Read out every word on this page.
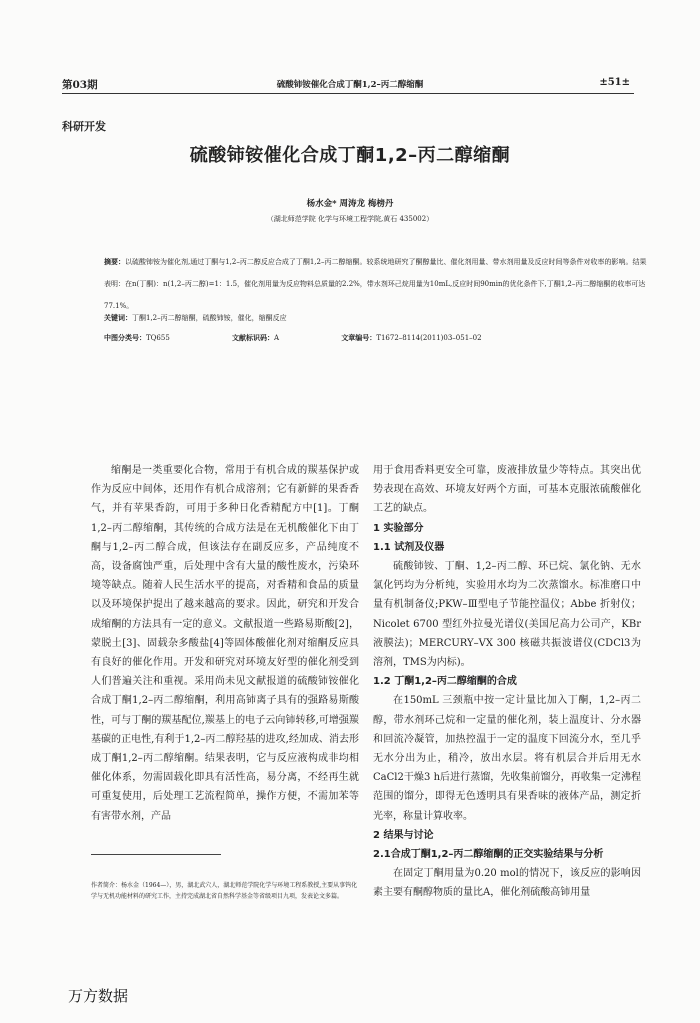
第03期	硫酸铈铵催化合成丁酮1,2–丙二醇缩酮	±51±
科研开发
硫酸铈铵催化合成丁酮1,2–丙二醇缩酮
杨水金* 周涛龙 梅榜丹
（湖北师范学院 化学与环境工程学院,黄石 435002）
摘要：以硫酸铈铵为催化剂,通过丁酮与1,2–丙二醇反应合成了丁酮1,2–丙二醇缩酮。较系统地研究了酮醇量比、催化剂用量、带水剂用量及反应时间等条件对收率的影响。结果表明：在n(丁酮)：n(1,2–丙二醇)=1：1.5，催化剂用量为反应物料总质量的2.2%，带水剂环己烷用量为10mL,反应时间90min的优化条件下,丁酮1,2–丙二醇缩酮的收率可达77.1%。
关键词：丁酮1,2–丙二醇缩酮，硫酸铈铵，催化，缩酮反应
中图分类号：TQ655	文献标识码：A	文章编号：T1672–8114(2011)03–051–02

缩酮是一类重要化合物，常用于有机合成的羰基保护或作为反应中间体，还用作有机合成溶剂；它有新鲜的果香香气，并有苹果香韵，可用于多种日化香精配方中[1]。丁酮1,2–丙二醇缩酮，其传统的合成方法是在无机酸催化下由丁酮与1,2–丙二醇合成，但该法存在副反应多，产品纯度不高，设备腐蚀严重，后处理中含有大量的酸性废水，污染环境等缺点。随着人民生活水平的提高，对香精和食品的质量以及环境保护提出了越来越高的要求。因此，研究和开发合成缩酮的方法具有一定的意义。文献报道一些路易斯酸[2]，蒙脱土[3]、固载杂多酸盐[4]等固体酸催化剂对缩酮反应具有良好的催化作用。开发和研究对环境友好型的催化剂受到人们普遍关注和重视。采用尚未见文献报道的硫酸铈铵催化合成丁酮1,2–丙二醇缩酮，利用高铈离子具有的强路易斯酸性，可与丁酮的羰基配位,羰基上的电子云向铈转移,可增强羰基碳的正电性,有利于1,2–丙二醇羟基的进攻,经加成、消去形成丁酮1,2–丙二醇缩酮。结果表明，它与反应液构成非均相催化体系，勿需固载化即具有活性高，易分离，不经再生就可重复使用，后处理工艺流程简单，操作方便，不需加苯等有害带水剂，产品

用于食用香料更安全可靠，废液排放量少等特点。其突出优势表现在高效、环境友好两个方面，可基本克服浓硫酸催化工艺的缺点。

1 实验部分
1.1 试剂及仪器

硫酸铈铵、丁酮、1,2–丙二醇、环已烷、氯化钠、无水氯化钙均为分析纯，实验用水均为二次蒸馏水。标准磨口中量有机制备仪;PKW–Ⅲ型电子节能控温仪；Abbe 折射仪；Nicolet 6700 型红外拉曼光谱仪(美国尼高力公司产，KBr液膜法)；MERCURY–VX 300 核磁共振波谱仪(CDCl3为溶剂，TMS为内标)。

1.2 丁酮1,2–丙二醇缩酮的合成

在150mL 三颈瓶中按一定计量比加入丁酮，1,2–丙二醇，带水剂环己烷和一定量的催化剂，装上温度计、分水器和回流冷凝管，加热控温于一定的温度下回流分水，至几乎无水分出为止，稍冷，放出水层。将有机层合并后用无水CaCl2干燥3 h后进行蒸馏，先收集前馏分，再收集一定沸程范围的馏分，即得无色透明具有果香味的液体产品，测定折光率，称量计算收率。

2 结果与讨论
2.1合成丁酮1,2–丙二醇缩酮的正交实验结果与分析

在固定丁酮用量为0.20 mol的情况下，该反应的影响因素主要有酮醇物质的量比A，催化剂硫酸高铈用量

作者简介：杨水金（1964—），男，湖北武穴人，湖北师范学院化学与环境工程系教授,主要从事钨化学与无机功能材料的研究工作，主持完成湖北省自然科学基金等省级项目九项，发表论文多篇。
万方数据
